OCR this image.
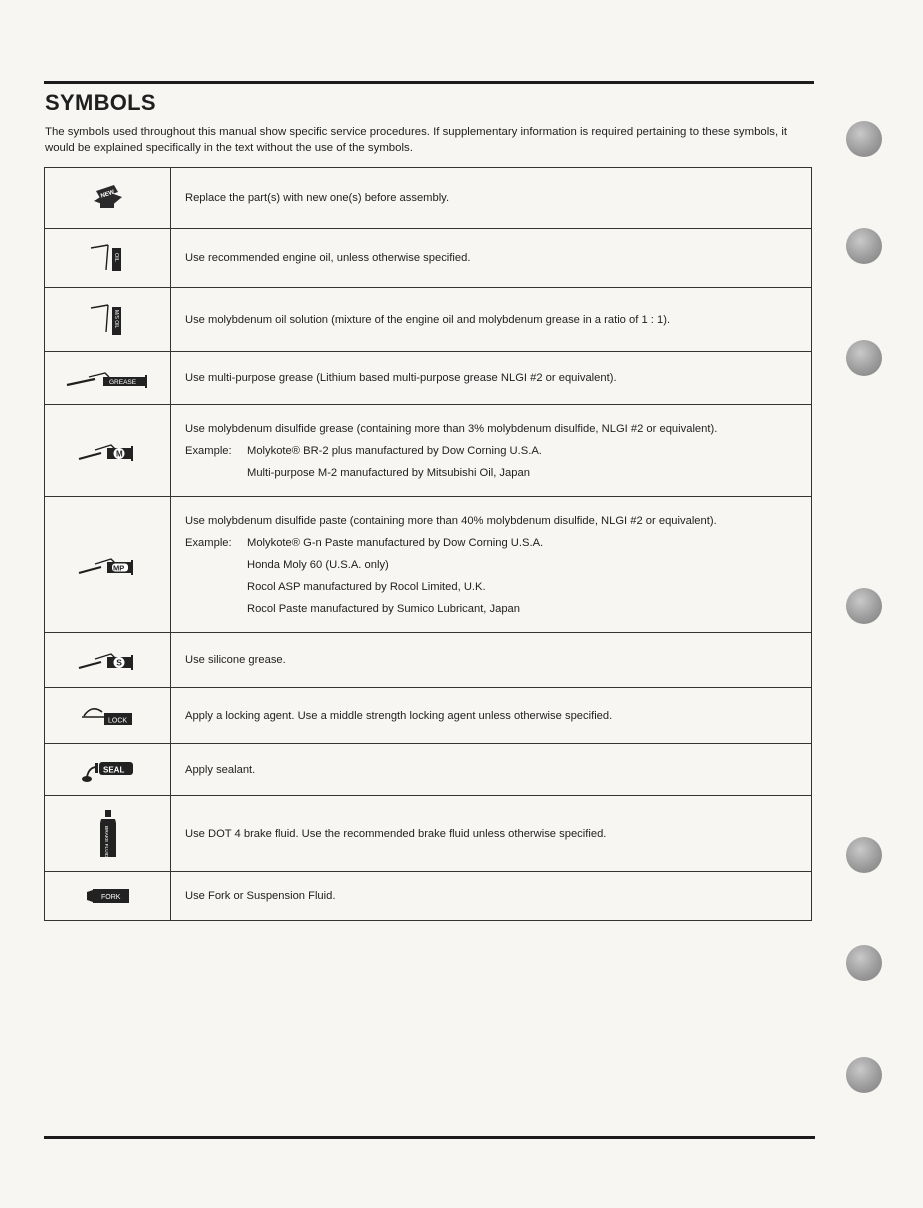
SYMBOLS
The symbols used throughout this manual show specific service procedures. If supplementary information is required pertaining to these symbols, it would be explained specifically in the text without the use of the symbols.
NEW	Replace the part(s) with new one(s) before assembly.

OIL	Use recommended engine oil, unless otherwise specified.

M/S OIL	Use molybdenum oil solution (mixture of the engine oil and molybdenum grease in a ratio of 1 : 1).

GREASE	Use multi-purpose grease (Lithium based multi-purpose grease NLGI #2 or equivalent).

M	Use molybdenum disulfide grease (containing more than 3% molybdenum disulfide, NLGI #2 or equivalent).

Example: Molykote® BR-2 plus manufactured by Dow Corning U.S.A.

Multi-purpose M-2 manufactured by Mitsubishi Oil, Japan

MP	Use molybdenum disulfide paste (containing more than 40% molybdenum disulfide, NLGI #2 or equivalent).

Example: Molykote® G-n Paste manufactured by Dow Corning U.S.A.

Honda Moly 60 (U.S.A. only)

Rocol ASP manufactured by Rocol Limited, U.K.

Rocol Paste manufactured by Sumico Lubricant, Japan

S	Use silicone grease.

LOCK	Apply a locking agent. Use a middle strength locking agent unless otherwise specified.

SEAL	Apply sealant.

BRAKE FLUID	Use DOT 4 brake fluid. Use the recommended brake fluid unless otherwise specified.

FORK	Use Fork or Suspension Fluid.
